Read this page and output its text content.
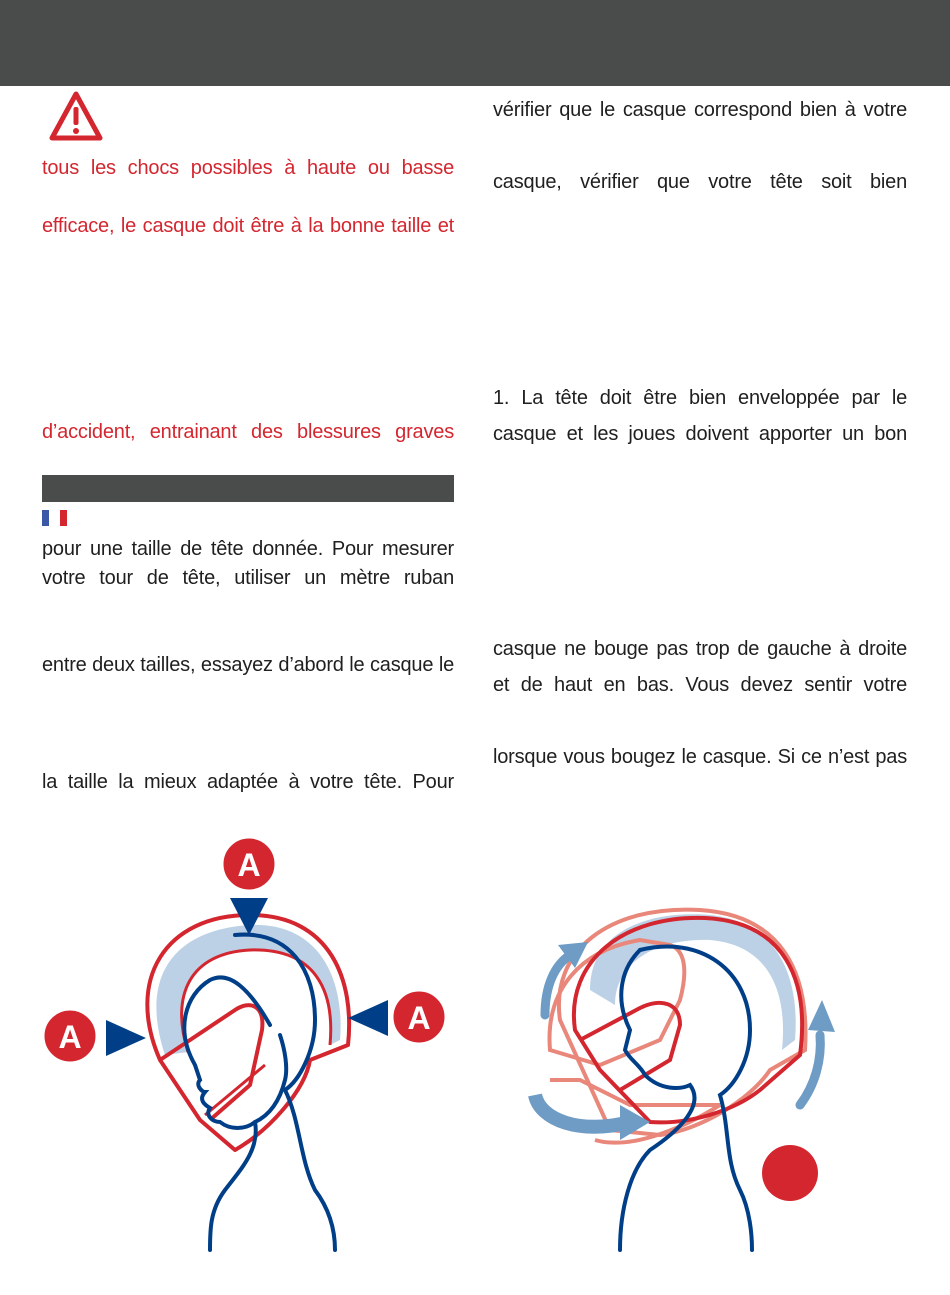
tous les chocs possibles à haute ou basse
efficace, le casque doit être à la bonne taille et
d’accident, entrainant des blessures graves
pour une taille de tête donnée. Pour mesurer
votre tour de tête, utiliser un mètre ruban
entre deux tailles, essayez d’abord le casque le
la taille la mieux adaptée à votre tête. Pour
vérifier que le casque correspond bien à votre
casque, vérifier que votre tête soit bien
1. La tête doit être bien enveloppée par le
casque et les joues doivent apporter un bon
casque ne bouge pas trop de gauche à droite
et de haut en bas. Vous devez sentir votre
lorsque vous bougez le casque. Si ce n’est pas
A
A
A
